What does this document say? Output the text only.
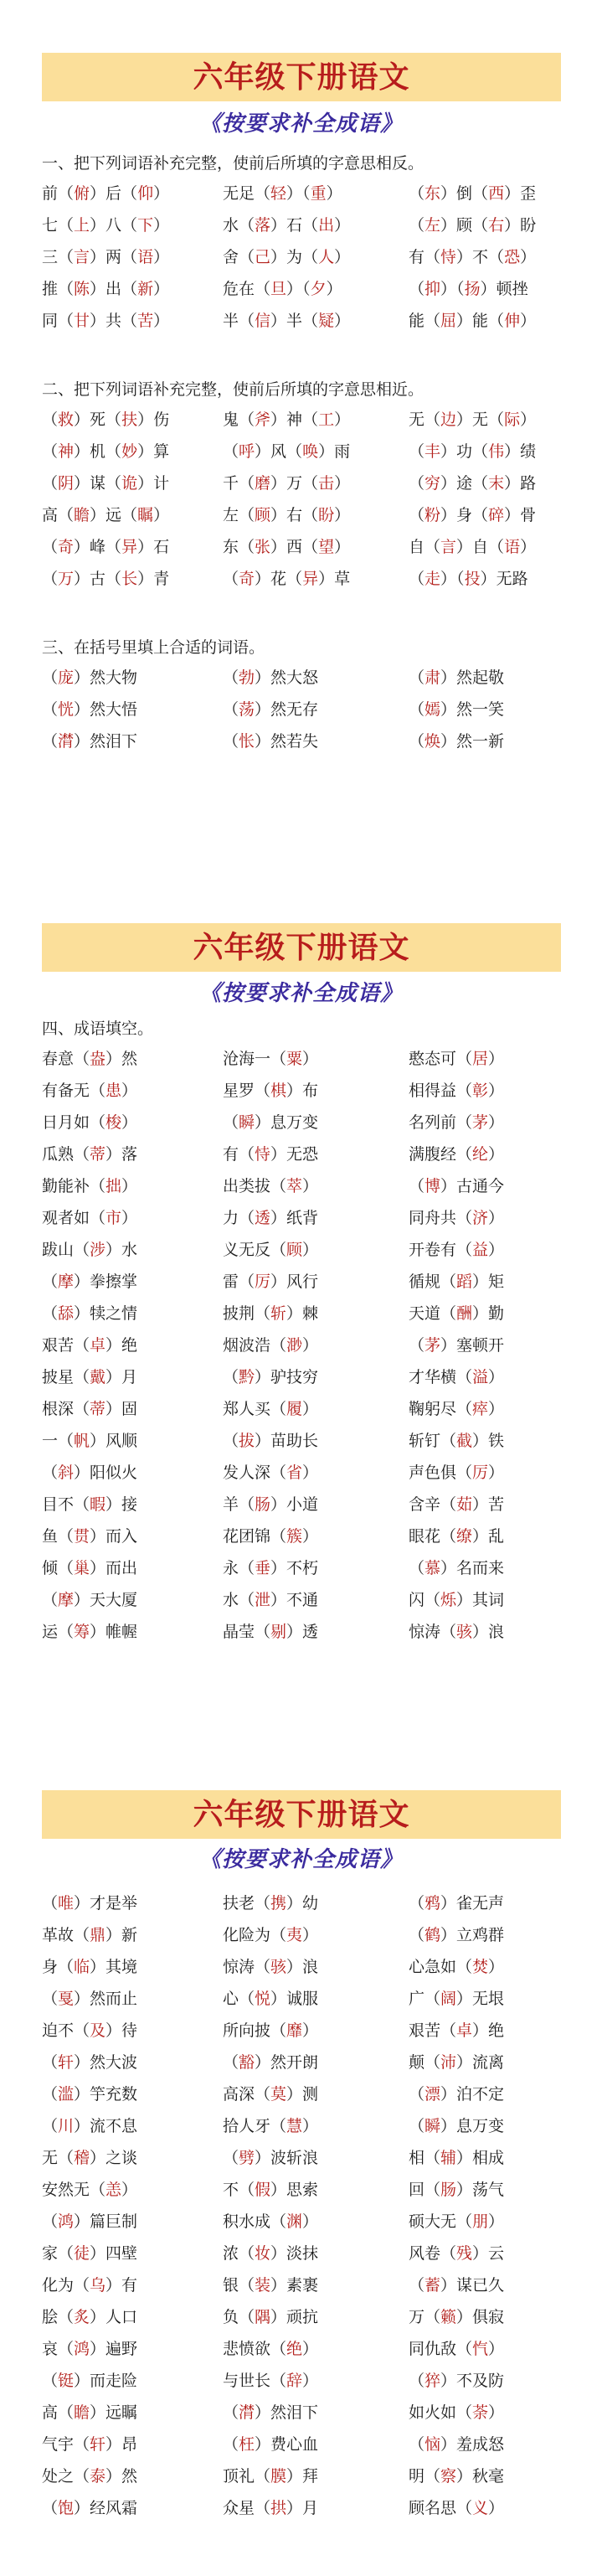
六年级下册语文
《按要求补全成语》
一、把下列词语补充完整，使前后所填的字意思相反。
前（俯）后（仰）	无足（轻）（重）	（东）倒（西）歪
七（上）八（下）	水（落）石（出）	（左）顾（右）盼
三（言）两（语）	舍（己）为（人）	有（恃）不（恐）
推（陈）出（新）	危在（旦）（夕）	（抑）（扬）顿挫
同（甘）共（苦）	半（信）半（疑）	能（屈）能（伸）
二、把下列词语补充完整，使前后所填的字意思相近。
（救）死（扶）伤	鬼（斧）神（工）	无（边）无（际）
（神）机（妙）算	（呼）风（唤）雨	（丰）功（伟）绩
（阴）谋（诡）计	千（磨）万（击）	（穷）途（末）路
高（瞻）远（瞩）	左（顾）右（盼）	（粉）身（碎）骨
（奇）峰（异）石	东（张）西（望）	自（言）自（语）
（万）古（长）青	（奇）花（异）草	（走）（投）无路
三、在括号里填上合适的词语。
（庞）然大物	（勃）然大怒	（肃）然起敬
（恍）然大悟	（荡）然无存	（嫣）然一笑
（潸）然泪下	（怅）然若失	（焕）然一新
六年级下册语文
《按要求补全成语》
四、成语填空。
春意（盎）然	沧海一（粟）	憨态可（居）
有备无（患）	星罗（棋）布	相得益（彰）
日月如（梭）	（瞬）息万变	名列前（茅）
瓜熟（蒂）落	有（恃）无恐	满腹经（纶）
勤能补（拙）	出类拔（萃）	（博）古通今
观者如（市）	力（透）纸背	同舟共（济）
跋山（涉）水	义无反（顾）	开卷有（益）
（摩）拳擦掌	雷（厉）风行	循规（蹈）矩
（舔）犊之情	披荆（斩）棘	天道（酬）勤
艰苦（卓）绝	烟波浩（渺）	（茅）塞顿开
披星（戴）月	（黔）驴技穷	才华横（溢）
根深（蒂）固	郑人买（履）	鞠躬尽（瘁）
一（帆）风顺	（拔）苗助长	斩钉（截）铁
（斜）阳似火	发人深（省）	声色俱（厉）
目不（暇）接	羊（肠）小道	含辛（茹）苦
鱼（贯）而入	花团锦（簇）	眼花（缭）乱
倾（巢）而出	永（垂）不朽	（慕）名而来
（摩）天大厦	水（泄）不通	闪（烁）其词
运（筹）帷幄	晶莹（剔）透	惊涛（骇）浪
六年级下册语文
《按要求补全成语》
（唯）才是举	扶老（携）幼	（鸦）雀无声
革故（鼎）新	化险为（夷）	（鹤）立鸡群
身（临）其境	惊涛（骇）浪	心急如（焚）
（戛）然而止	心（悦）诚服	广（阔）无垠
迫不（及）待	所向披（靡）	艰苦（卓）绝
（轩）然大波	（豁）然开朗	颠（沛）流离
（滥）竽充数	高深（莫）测	（漂）泊不定
（川）流不息	拾人牙（慧）	（瞬）息万变
无（稽）之谈	（劈）波斩浪	相（辅）相成
安然无（恙）	不（假）思索	回（肠）荡气
（鸿）篇巨制	积水成（渊）	硕大无（朋）
家（徒）四壁	浓（妆）淡抹	风卷（残）云
化为（乌）有	银（装）素裹	（蓄）谋已久
脍（炙）人口	负（隅）顽抗	万（籁）俱寂
哀（鸿）遍野	悲愤欲（绝）	同仇敌（忾）
（铤）而走险	与世长（辞）	（猝）不及防
高（瞻）远瞩	（潸）然泪下	如火如（荼）
气宇（轩）昂	（枉）费心血	（恼）羞成怒
处之（泰）然	顶礼（膜）拜	明（察）秋毫
（饱）经风霜	众星（拱）月	顾名思（义）
